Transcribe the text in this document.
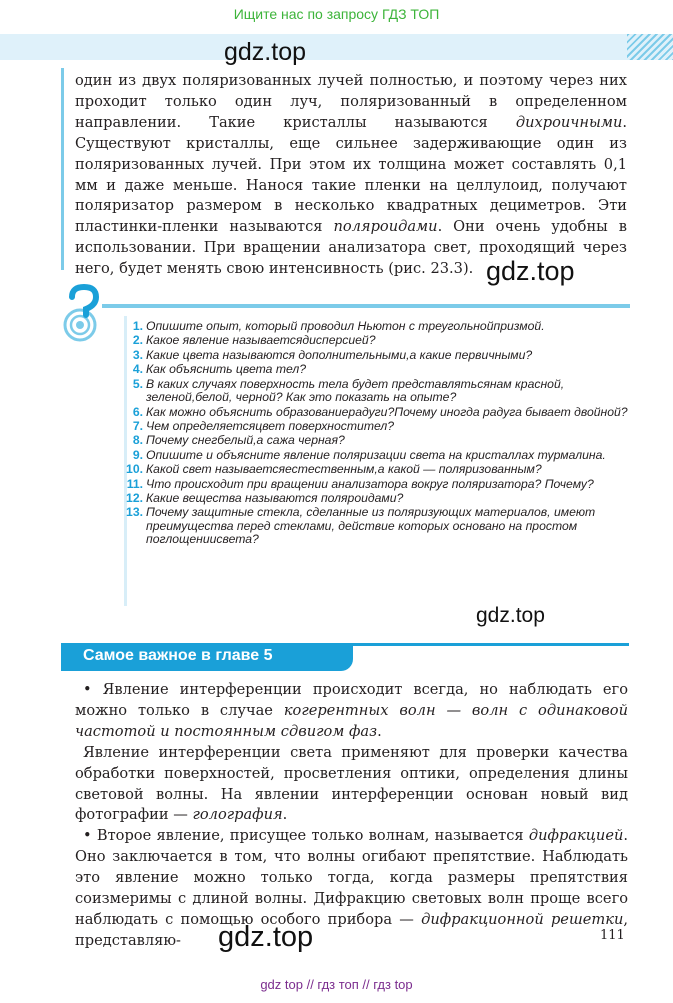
Ищите нас по запросу ГДЗ ТОП
gdz.top

один из двух поляризованных лучей полностью, и поэтому через них проходит только один луч, поляризованный в определенном направлении. Такие кристаллы называются дихроичными. Существуют кристаллы, еще сильнее задерживающие один из поляризованных лучей. При этом их толщина может составлять 0,1 мм и даже меньше. Нанося такие пленки на целлулоид, получают поляризатор размером в несколько квадратных дециметров. Эти пластинки-пленки называются поляроидами. Они очень удобны в использовании. При вращении анализатора свет, проходящий через него, будет менять свою интенсивность (рис. 23.3). gdz.top
1. Опишите опыт, который проводил Ньютон с треугольнойпризмой.
2. Какое явление называетсядисперсией?
3. Какие цвета называются дополнительными,а какие первичными?
4. Как объяснить цвета тел?
5. В каких случаях поверхность тела будет представлятьсянам красной, зеленой,белой, черной? Как это показать на опыте?
6. Как можно объяснить образованиерадуги?Почему иногда радуга бывает двойной?
7. Чем определяетсяцвет поверхностител?
8. Почему снегбелый,а сажа черная?
9. Опишите и объясните явление поляризации света на кристаллах турмалина.
10. Какой свет называетсяестественным,а какой — поляризованным?
11. Что происходит при вращении анализатора вокруг поляризатора? Почему?
12. Какие вещества называются поляроидами?
13. Почему защитные стекла, сделанные из поляризующих материалов, имеют преимущества перед стеклами, действие которых основано на простом поглощениисвета?
gdz.top
Самое важное в главе 5

• Явление интерференции происходит всегда, но наблюдать его можно только в случае когерентных волн — волн с одинаковой частотой и постоянным сдвигом фаз.

Явление интерференции света применяют для проверки качества обработки поверхностей, просветления оптики, определения длины световой волны. На явлении интерференции основан новый вид фотографии — голография.

• Второе явление, присущее только волнам, называется дифракцией. Оно заключается в том, что волны огибают препятствие. Наблюдать это явление можно только тогда, когда размеры препятствия соизмеримы с длиной волны. Дифракцию световых волн проще всего наблюдать с помощью особого прибора — дифракционной решетки, представляю-	gdz.top	111
gdz top // гдз топ // гдз top
